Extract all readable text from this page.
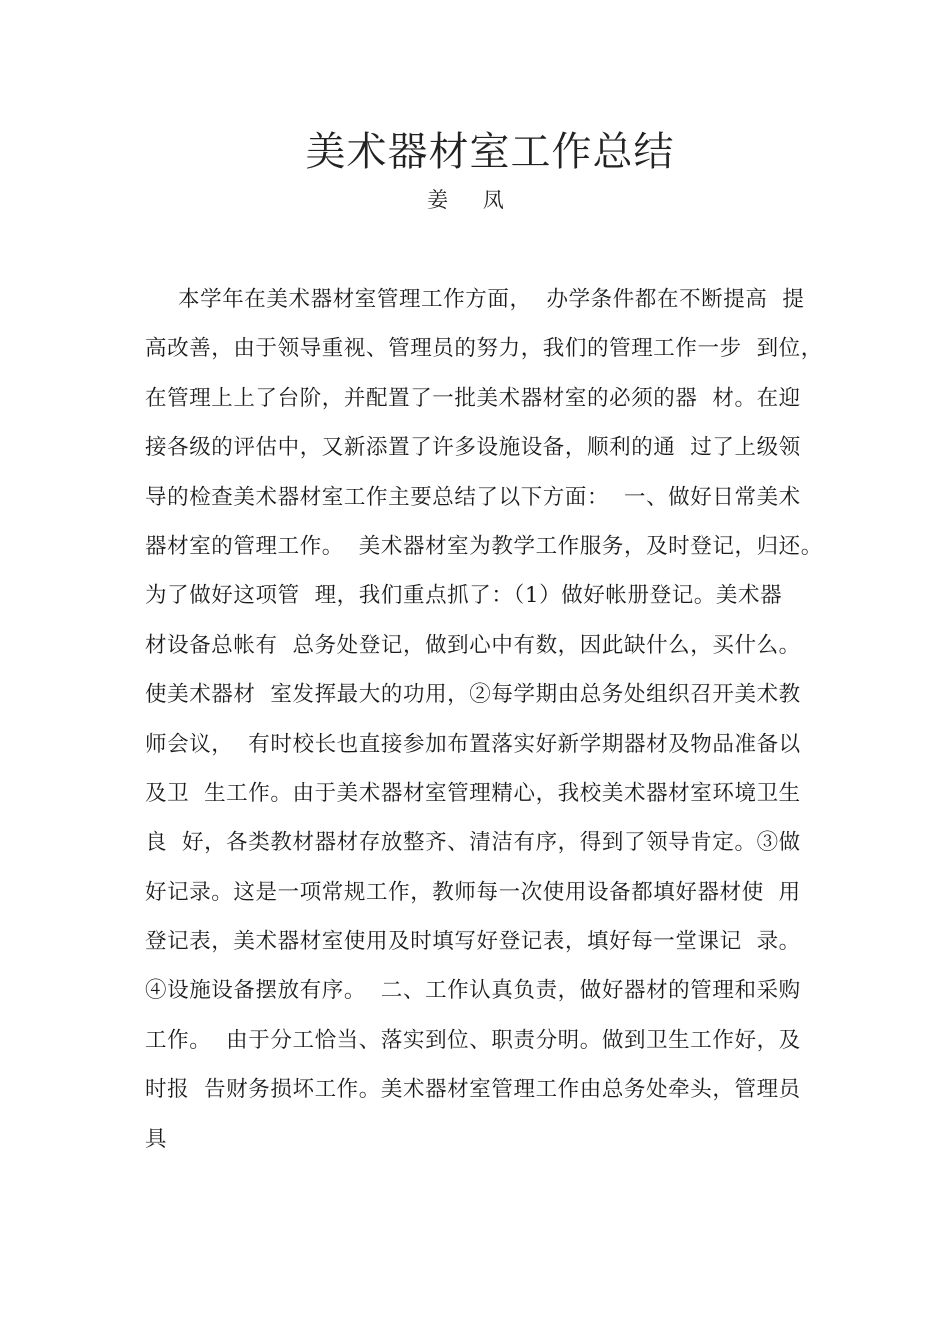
美术器材室工作总结
姜 凤
本学年在美术器材室管理工作方面，  办学条件都在不断提高  提
高改善，由于领导重视、管理员的努力，我们的管理工作一步  到位，
在管理上上了台阶，并配置了一批美术器材室的必须的器  材。在迎
接各级的评估中，又新添置了许多设施设备，顺利的通  过了上级领
导的检查美术器材室工作主要总结了以下方面：  一、做好日常美术
器材室的管理工作。  美术器材室为教学工作服务，及时登记，归还。
为了做好这项管  理，我们重点抓了：（1）做好帐册登记。美术器
材设备总帐有  总务处登记，做到心中有数，因此缺什么，买什么。
使美术器材  室发挥最大的功用，②每学期由总务处组织召开美术教
师会议，  有时校长也直接参加布置落实好新学期器材及物品准备以
及卫  生工作。由于美术器材室管理精心，我校美术器材室环境卫生
良  好，各类教材器材存放整齐、清洁有序，得到了领导肯定。③做
好记录。这是一项常规工作，教师每一次使用设备都填好器材使  用
登记表，美术器材室使用及时填写好登记表，填好每一堂课记  录。
④设施设备摆放有序。  二、工作认真负责，做好器材的管理和采购
工作。  由于分工恰当、落实到位、职责分明。做到卫生工作好，及
时报  告财务损坏工作。美术器材室管理工作由总务处牵头，管理员
具
